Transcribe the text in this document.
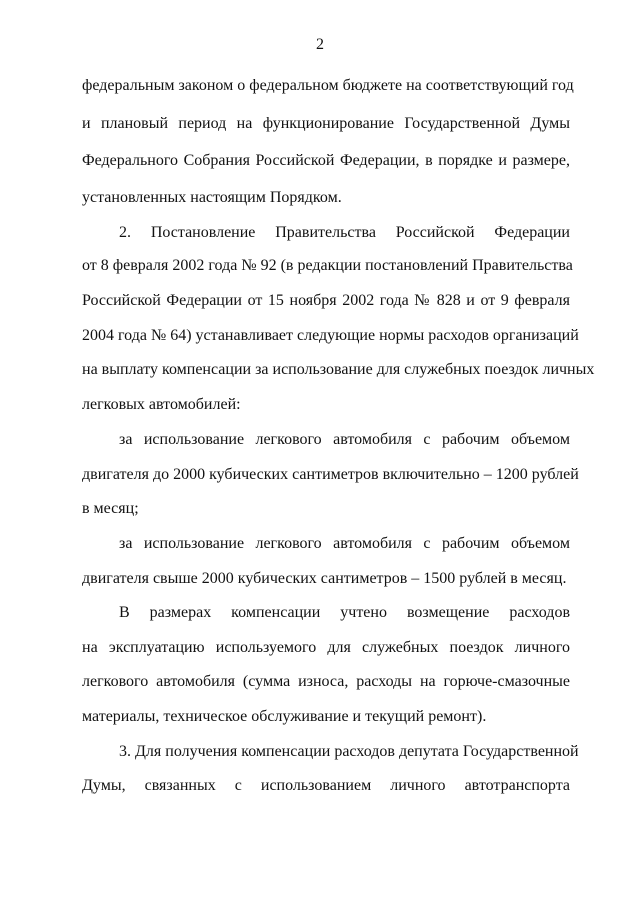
2
федеральным законом о федеральном бюджете на соответствующий год
и плановый период на функционирование Государственной Думы
Федерального Собрания Российской Федерации, в порядке и размере,
установленных настоящим Порядком.
2. Постановление Правительства Российской Федерации
от 8 февраля 2002 года № 92 (в редакции постановлений Правительства
Российской Федерации от 15 ноября 2002 года № 828 и от 9 февраля
2004 года № 64) устанавливает следующие нормы расходов организаций
на выплату компенсации за использование для служебных поездок личных
легковых автомобилей:
за использование легкового автомобиля с рабочим объемом
двигателя до 2000 кубических сантиметров включительно – 1200 рублей
в месяц;
за использование легкового автомобиля с рабочим объемом
двигателя свыше 2000 кубических сантиметров – 1500 рублей в месяц.
В размерах компенсации учтено возмещение расходов
на эксплуатацию используемого для служебных поездок личного
легкового автомобиля (сумма износа, расходы на горюче-смазочные
материалы, техническое обслуживание и текущий ремонт).
3. Для получения компенсации расходов депутата Государственной
Думы, связанных с использованием личного автотранспорта
